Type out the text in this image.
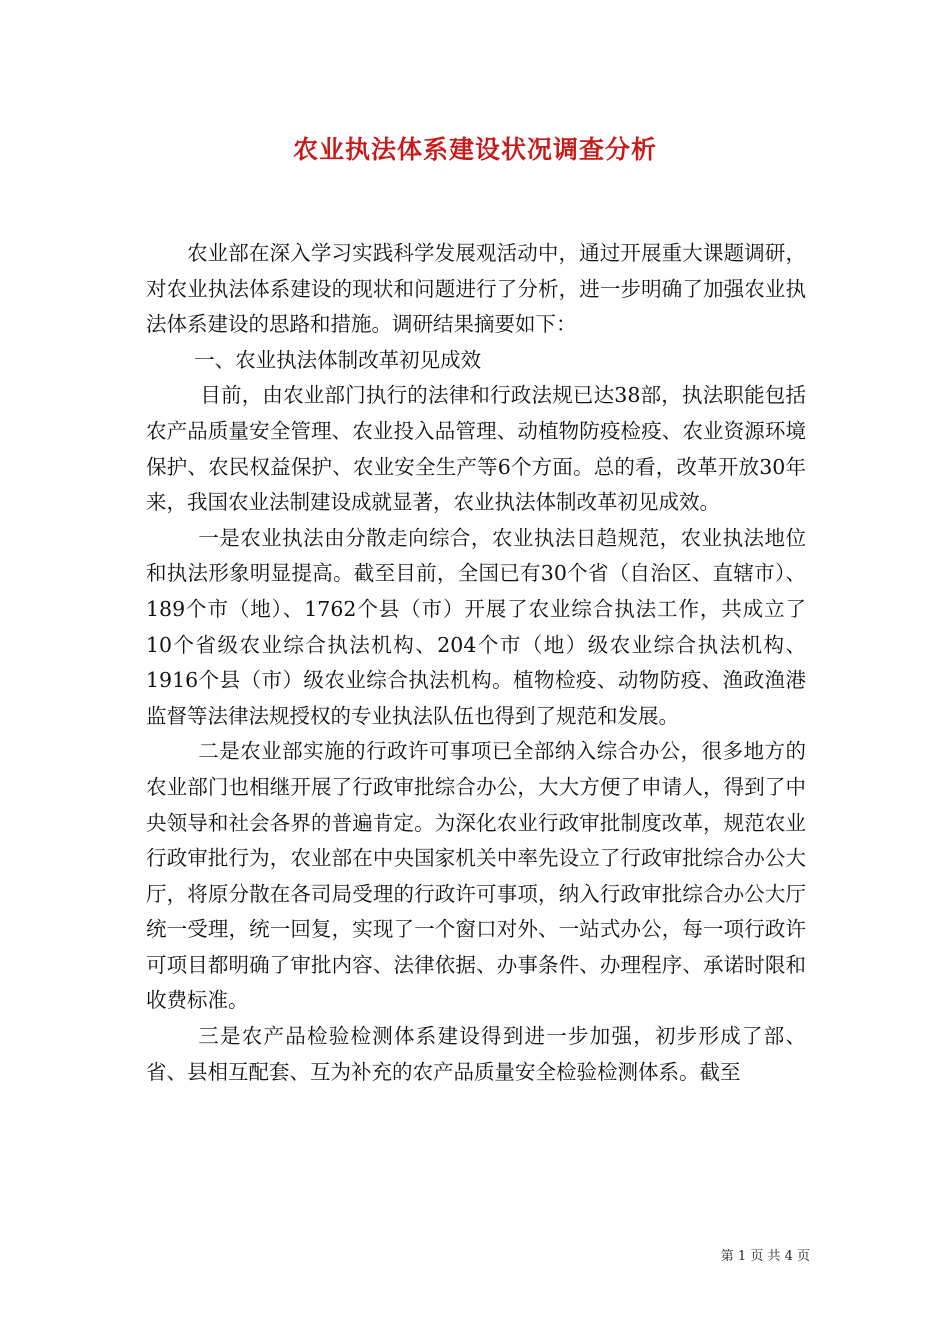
农业执法体系建设状况调查分析

农业部在深入学习实践科学发展观活动中，通过开展重大课题调研，对农业执法体系建设的现状和问题进行了分析，进一步明确了加强农业执法体系建设的思路和措施。调研结果摘要如下：

一、农业执法体制改革初见成效

目前，由农业部门执行的法律和行政法规已达38部，执法职能包括农产品质量安全管理、农业投入品管理、动植物防疫检疫、农业资源环境保护、农民权益保护、农业安全生产等6个方面。总的看，改革开放30年来，我国农业法制建设成就显著，农业执法体制改革初见成效。

一是农业执法由分散走向综合，农业执法日趋规范，农业执法地位和执法形象明显提高。截至目前，全国已有30个省（自治区、直辖市）、189个市（地）、1762个县（市）开展了农业综合执法工作，共成立了10个省级农业综合执法机构、204个市（地）级农业综合执法机构、1916个县（市）级农业综合执法机构。植物检疫、动物防疫、渔政渔港监督等法律法规授权的专业执法队伍也得到了规范和发展。

二是农业部实施的行政许可事项已全部纳入综合办公，很多地方的农业部门也相继开展了行政审批综合办公，大大方便了申请人，得到了中央领导和社会各界的普遍肯定。为深化农业行政审批制度改革，规范农业行政审批行为，农业部在中央国家机关中率先设立了行政审批综合办公大厅，将原分散在各司局受理的行政许可事项，纳入行政审批综合办公大厅统一受理，统一回复，实现了一个窗口对外、一站式办公，每一项行政许可项目都明确了审批内容、法律依据、办事条件、办理程序、承诺时限和收费标准。

三是农产品检验检测体系建设得到进一步加强，初步形成了部、省、县相互配套、互为补充的农产品质量安全检验检测体系。截至

第 1 页 共 4 页
